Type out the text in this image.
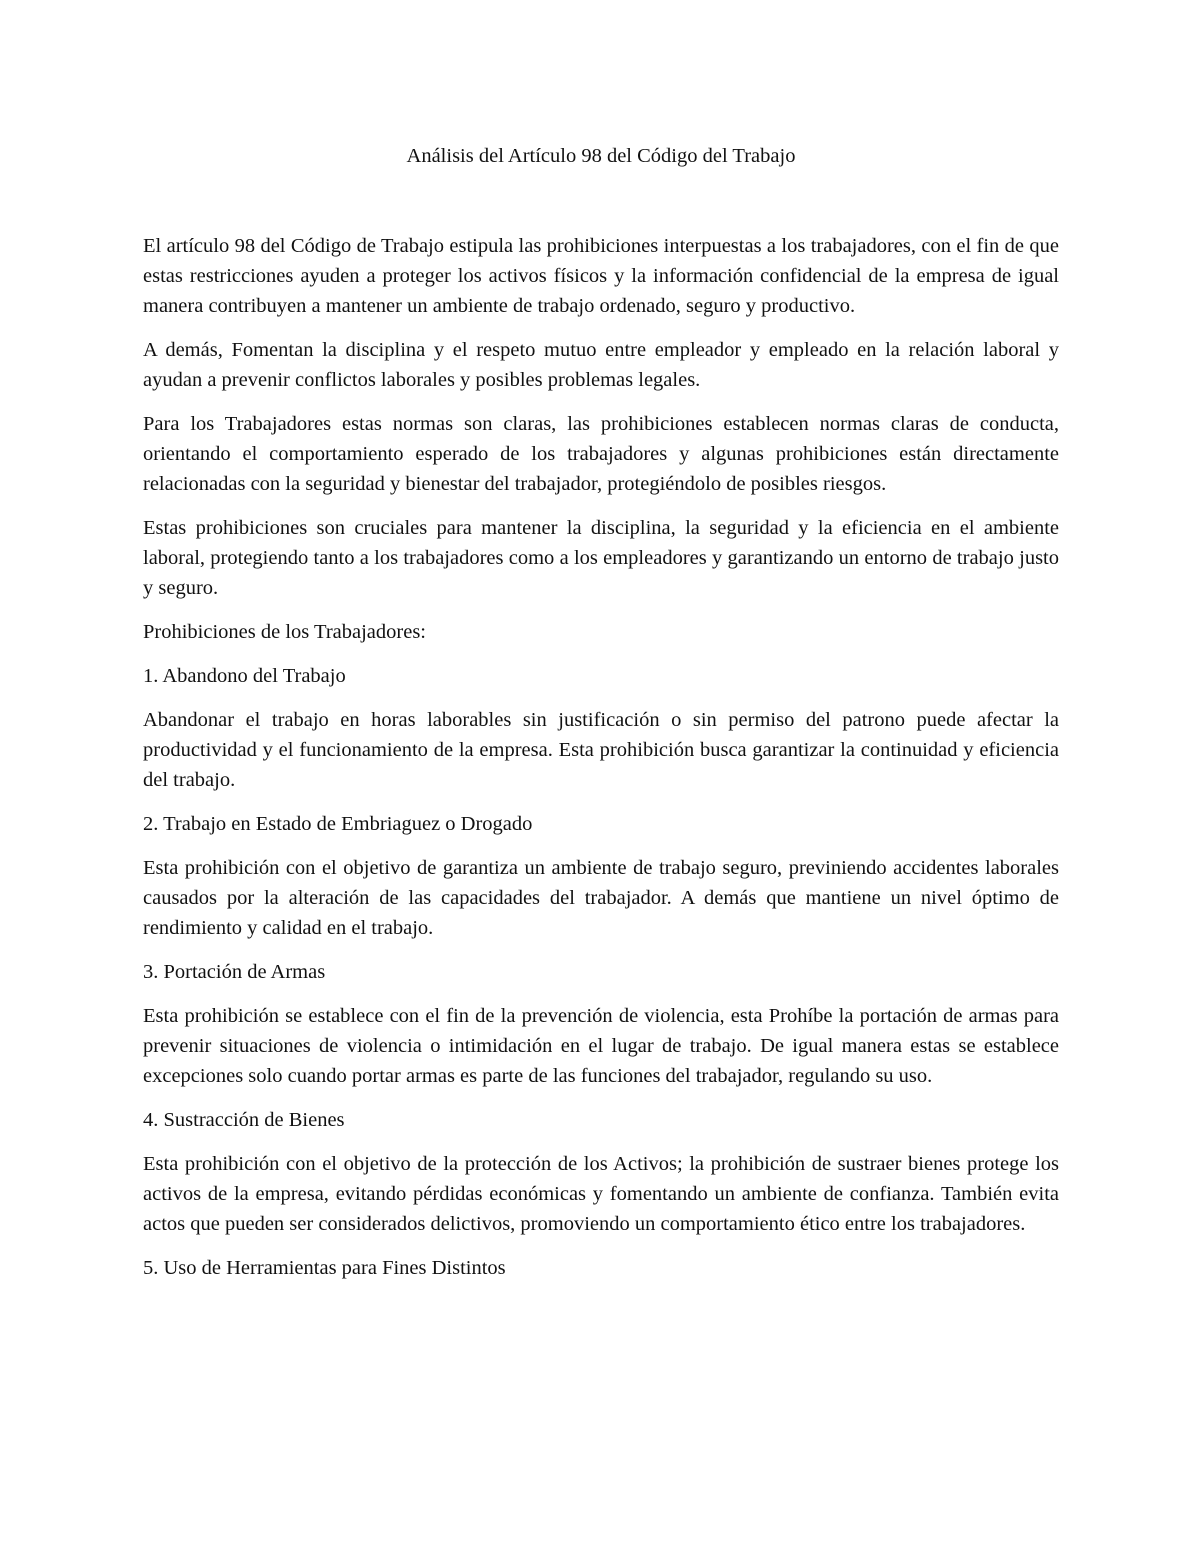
Análisis del Artículo 98 del Código del Trabajo

El artículo 98 del Código de Trabajo estipula las prohibiciones interpuestas a los trabajadores, con el fin de que estas restricciones ayuden a proteger los activos físicos y la información confidencial de la empresa de igual manera contribuyen a mantener un ambiente de trabajo ordenado, seguro y productivo.

A demás, Fomentan la disciplina y el respeto mutuo entre empleador y empleado en la relación laboral y ayudan a prevenir conflictos laborales y posibles problemas legales.

Para los Trabajadores estas normas son claras, las prohibiciones establecen normas claras de conducta, orientando el comportamiento esperado de los trabajadores y algunas prohibiciones están directamente relacionadas con la seguridad y bienestar del trabajador, protegiéndolo de posibles riesgos.

Estas prohibiciones son cruciales para mantener la disciplina, la seguridad y la eficiencia en el ambiente laboral, protegiendo tanto a los trabajadores como a los empleadores y garantizando un entorno de trabajo justo y seguro.

Prohibiciones de los Trabajadores:

1. Abandono del Trabajo

Abandonar el trabajo en horas laborables sin justificación o sin permiso del patrono puede afectar la productividad y el funcionamiento de la empresa. Esta prohibición busca garantizar la continuidad y eficiencia del trabajo.

2. Trabajo en Estado de Embriaguez o Drogado

Esta prohibición con el objetivo de garantiza un ambiente de trabajo seguro, previniendo accidentes laborales causados por la alteración de las capacidades del trabajador. A demás que mantiene un nivel óptimo de rendimiento y calidad en el trabajo.

3. Portación de Armas

Esta prohibición se establece con el fin de la prevención de violencia, esta Prohíbe la portación de armas para prevenir situaciones de violencia o intimidación en el lugar de trabajo. De igual manera estas se establece excepciones solo cuando portar armas es parte de las funciones del trabajador, regulando su uso.

4. Sustracción de Bienes

Esta prohibición con el objetivo de la protección de los Activos; la prohibición de sustraer bienes protege los activos de la empresa, evitando pérdidas económicas y fomentando un ambiente de confianza. También evita actos que pueden ser considerados delictivos, promoviendo un comportamiento ético entre los trabajadores.

5. Uso de Herramientas para Fines Distintos
